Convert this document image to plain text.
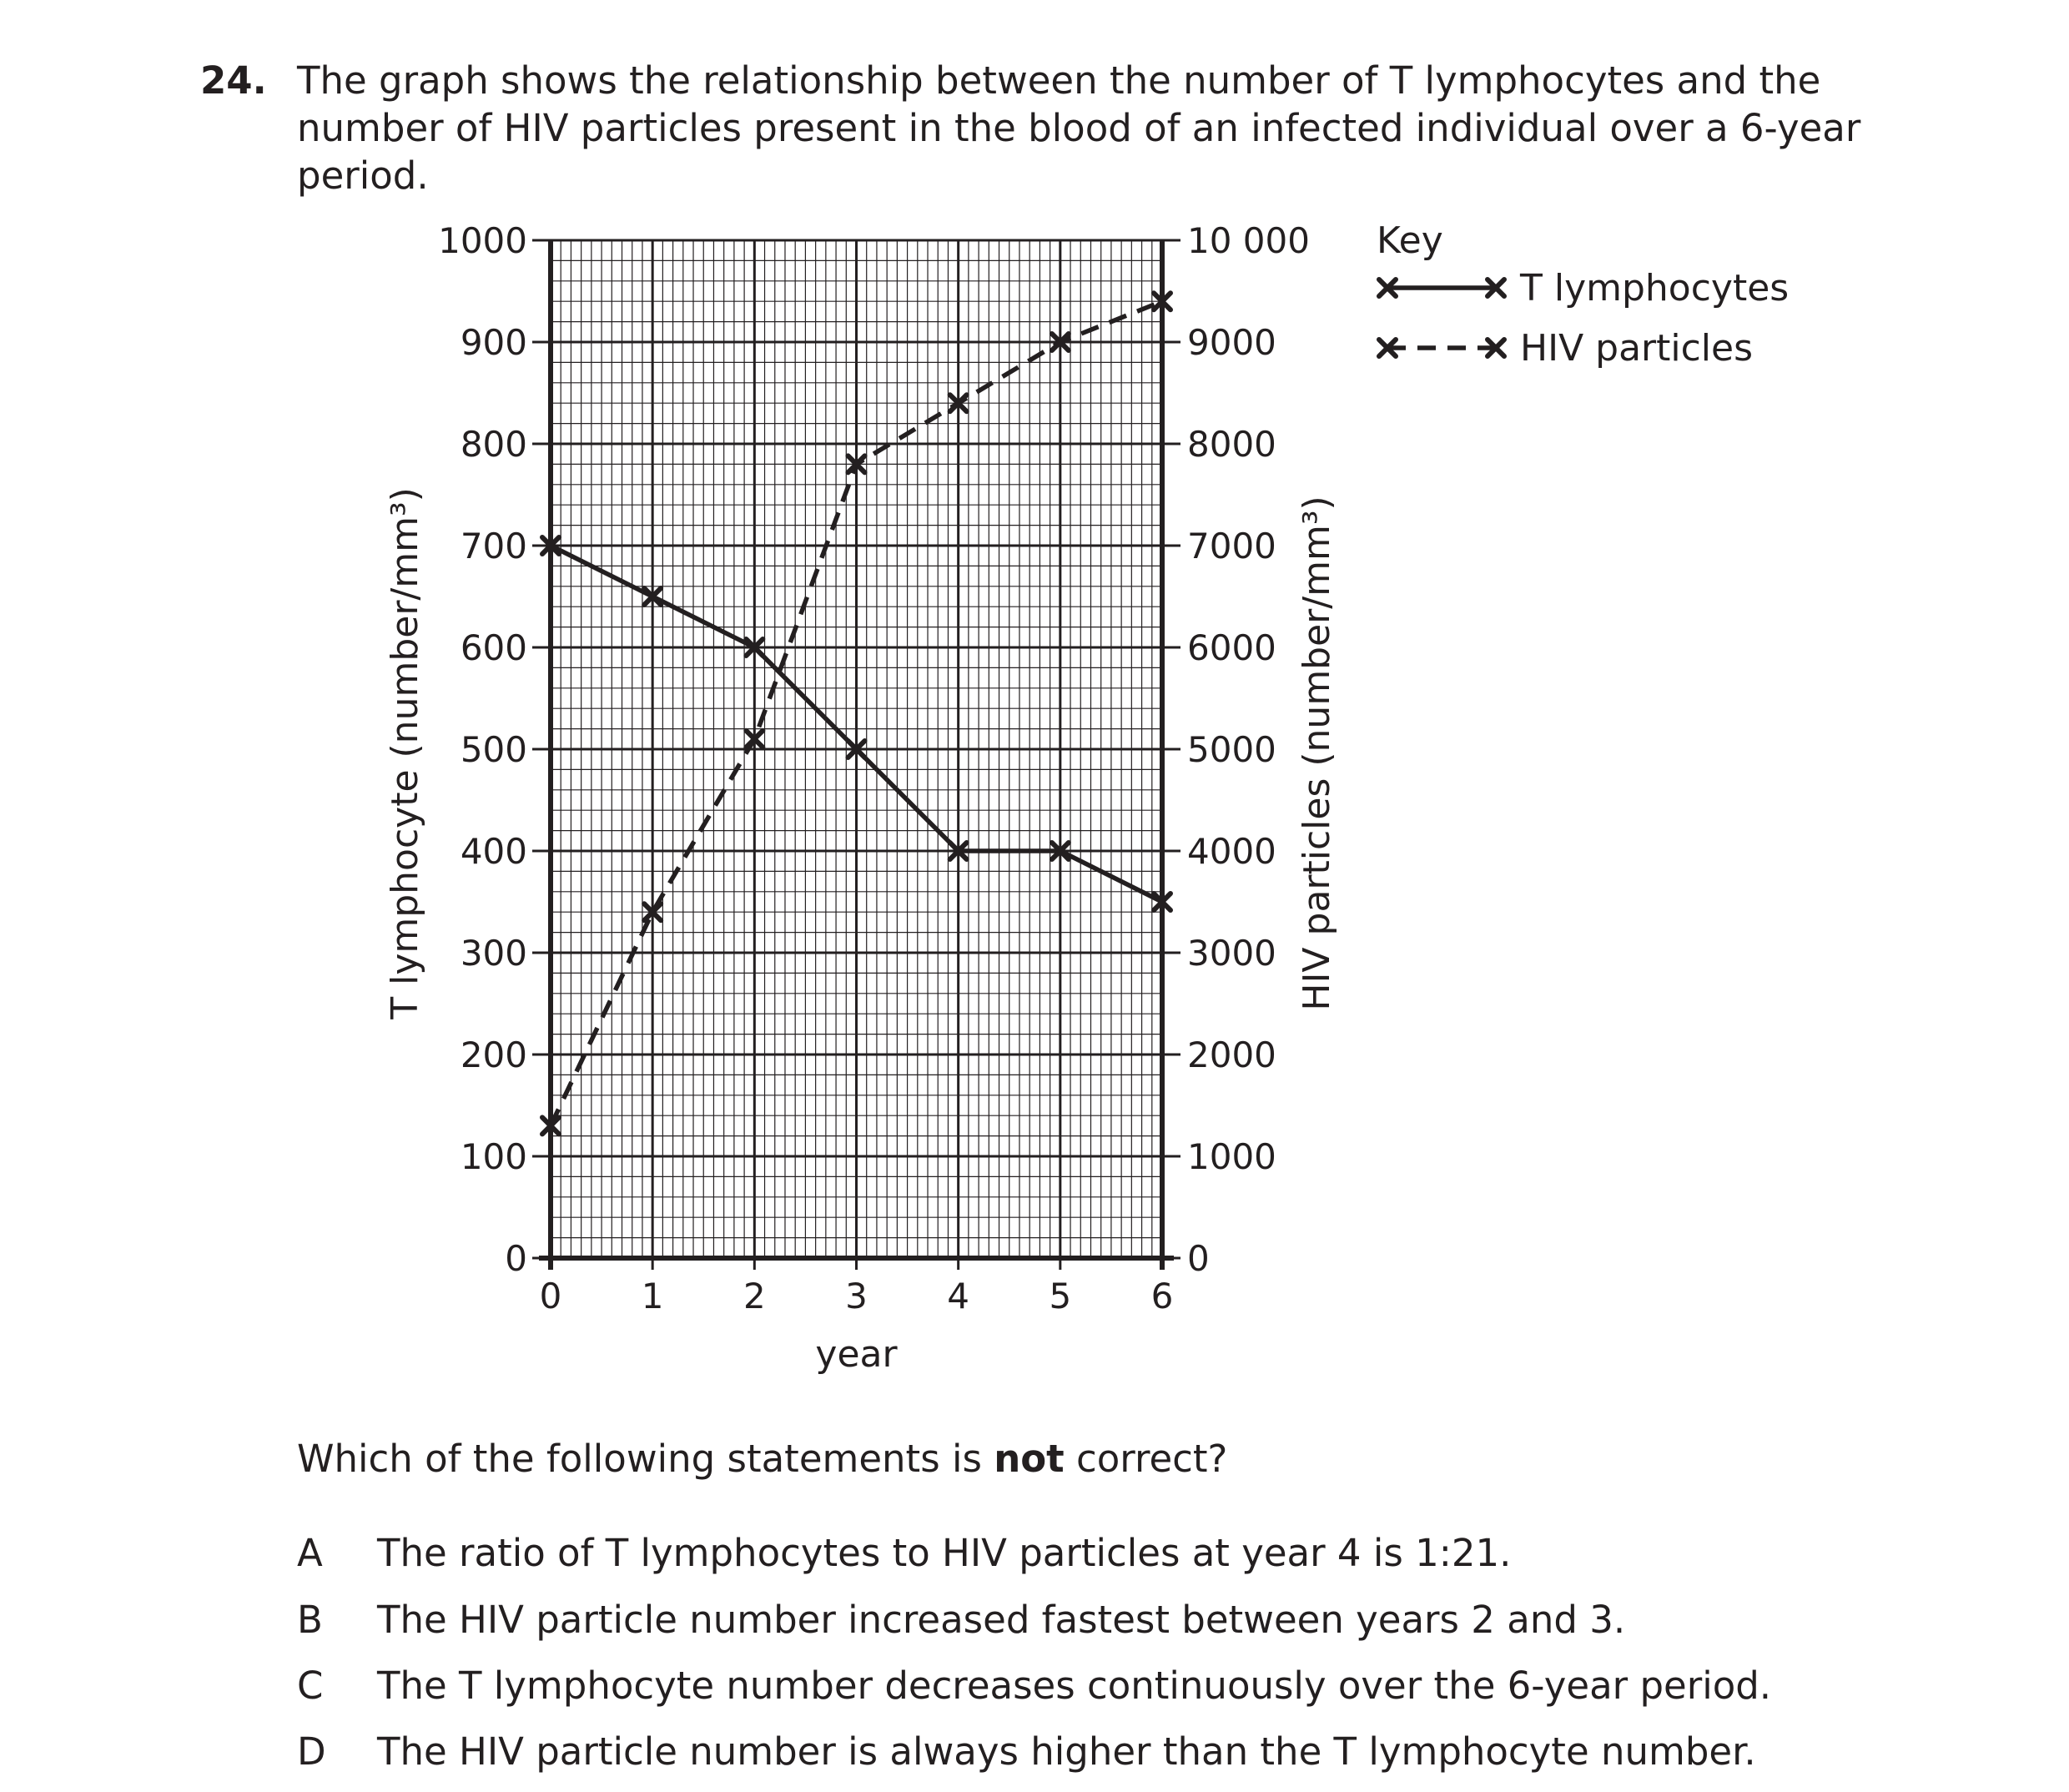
24. The graph shows the relationship between the number of T lymphocytes and the number of HIV particles present in the blood of an infected individual over a 6-year period.
0
100
200
300
400
500
600
700
800
900
1000
0
1000
2000
3000
4000
5000
6000
7000
8000
9000
10 000
0 1 2 3 4 5 6
year
T lymphocyte (number/mm³)	HIV particles (number/mm³)
Key
T lymphocytes
HIV particles
Which of the following statements is not correct?
A The ratio of T lymphocytes to HIV particles at year 4 is 1:21.
B The HIV particle number increased fastest between years 2 and 3.
C The T lymphocyte number decreases continuously over the 6-year period.
D The HIV particle number is always higher than the T lymphocyte number.
